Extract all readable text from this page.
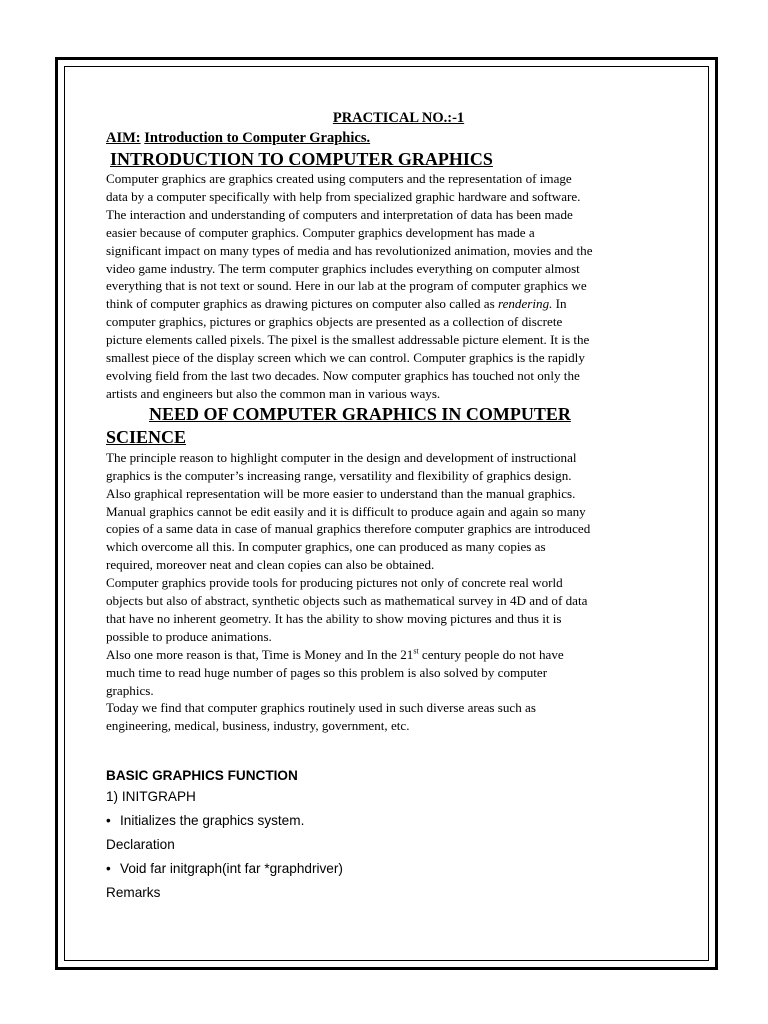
PRACTICAL NO.:-1
AIM: Introduction to Computer Graphics.
INTRODUCTION TO COMPUTER GRAPHICS
Computer graphics are graphics created using computers and the representation of image
data by a computer specifically with help from specialized graphic hardware and software.
The interaction and understanding of computers and interpretation of data has been made
easier because of computer graphics. Computer graphics development has made a
significant impact on many types of media and has revolutionized animation, movies and the
video game industry. The term computer graphics includes everything on computer almost
everything that is not text or sound. Here in our lab at the program of computer graphics we
think of computer graphics as drawing pictures on computer also called as rendering. In
computer graphics, pictures or graphics objects are presented as a collection of discrete
picture elements called pixels. The pixel is the smallest addressable picture element. It is the
smallest piece of the display screen which we can control. Computer graphics is the rapidly
evolving field from the last two decades. Now computer graphics has touched not only the
artists and engineers but also the common man in various ways.
NEED OF COMPUTER GRAPHICS IN COMPUTER
SCIENCE
The principle reason to highlight computer in the design and development of instructional
graphics is the computer’s increasing range, versatility and flexibility of graphics design.
Also graphical representation will be more easier to understand than the manual graphics.
Manual graphics cannot be edit easily and it is difficult to produce again and again so many
copies of a same data in case of manual graphics therefore computer graphics are introduced
which overcome all this. In computer graphics, one can produced as many copies as
required, moreover neat and clean copies can also be obtained.
Computer graphics provide tools for producing pictures not only of concrete real world
objects but also of abstract, synthetic objects such as mathematical survey in 4D and of data
that have no inherent geometry. It has the ability to show moving pictures and thus it is
possible to produce animations.
Also one more reason is that, Time is Money and In the 21st century people do not have
much time to read huge number of pages so this problem is also solved by computer
graphics.
Today we find that computer graphics routinely used in such diverse areas such as
engineering, medical, business, industry, government, etc.
BASIC GRAPHICS FUNCTION
1) INITGRAPH
• Initializes the graphics system.
Declaration
• Void far initgraph(int far *graphdriver)
Remarks
